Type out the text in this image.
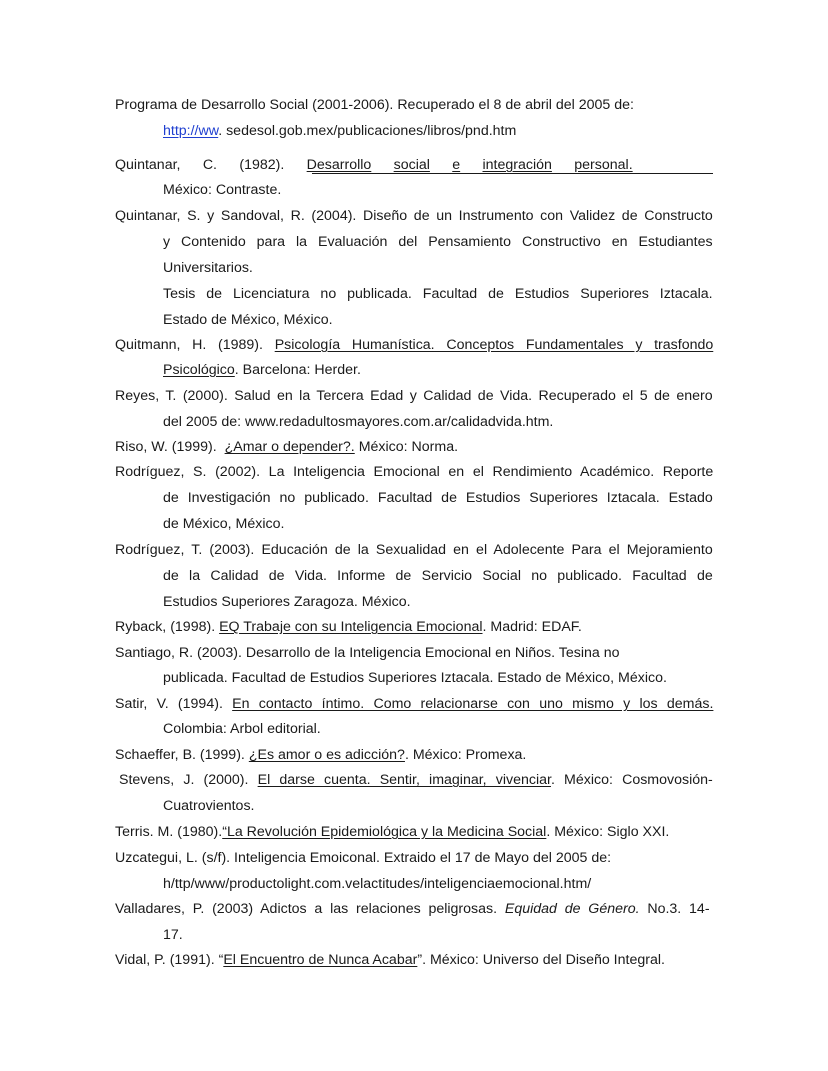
Programa de Desarrollo Social (2001-2006). Recuperado el 8 de abril del 2005 de:
http://ww. sedesol.gob.mex/publicaciones/libros/pnd.htm
Quintanar, C. (1982). Desarrollo social e integración personal.
México: Contraste.
Quintanar, S. y Sandoval, R. (2004). Diseño de un Instrumento con Validez de Constructo
y Contenido para la Evaluación del Pensamiento Constructivo en Estudiantes
Universitarios.
Tesis de Licenciatura no publicada. Facultad de Estudios Superiores Iztacala.
Estado de México, México.
Quitmann, H. (1989). Psicología Humanística. Conceptos Fundamentales y trasfondo
Psicológico. Barcelona: Herder.
Reyes, T. (2000). Salud en la Tercera Edad y Calidad de Vida. Recuperado el 5 de enero
del 2005 de: www.redadultosmayores.com.ar/calidadvida.htm.
Riso, W. (1999). ¿Amar o depender?. México: Norma.
Rodríguez, S. (2002). La Inteligencia Emocional en el Rendimiento Académico. Reporte
de Investigación no publicado. Facultad de Estudios Superiores Iztacala. Estado
de México, México.
Rodríguez, T. (2003). Educación de la Sexualidad en el Adolecente Para el Mejoramiento
de la Calidad de Vida. Informe de Servicio Social no publicado. Facultad de
Estudios Superiores Zaragoza. México.
Ryback, (1998). EQ Trabaje con su Inteligencia Emocional. Madrid: EDAF.
Santiago, R. (2003). Desarrollo de la Inteligencia Emocional en Niños. Tesina no
publicada. Facultad de Estudios Superiores Iztacala. Estado de México, México.
Satir, V. (1994). En contacto íntimo. Como relacionarse con uno mismo y los demás.
Colombia: Arbol editorial.
Schaeffer, B. (1999). ¿Es amor o es adicción?. México: Promexa.
Stevens, J. (2000). El darse cuenta. Sentir, imaginar, vivenciar. México: Cosmovosión-
Cuatrovientos.
Terris. M. (1980).“La Revolución Epidemiológica y la Medicina Social. México: Siglo XXI.
Uzcategui, L. (s/f). Inteligencia Emoiconal. Extraido el 17 de Mayo del 2005 de:
h/ttp/www/productolight.com.velactitudes/inteligenciaemocional.htm/
Valladares, P. (2003) Adictos a las relaciones peligrosas. Equidad de Género. No.3. 14-
17.
Vidal, P. (1991). “El Encuentro de Nunca Acabar”. México: Universo del Diseño Integral.
